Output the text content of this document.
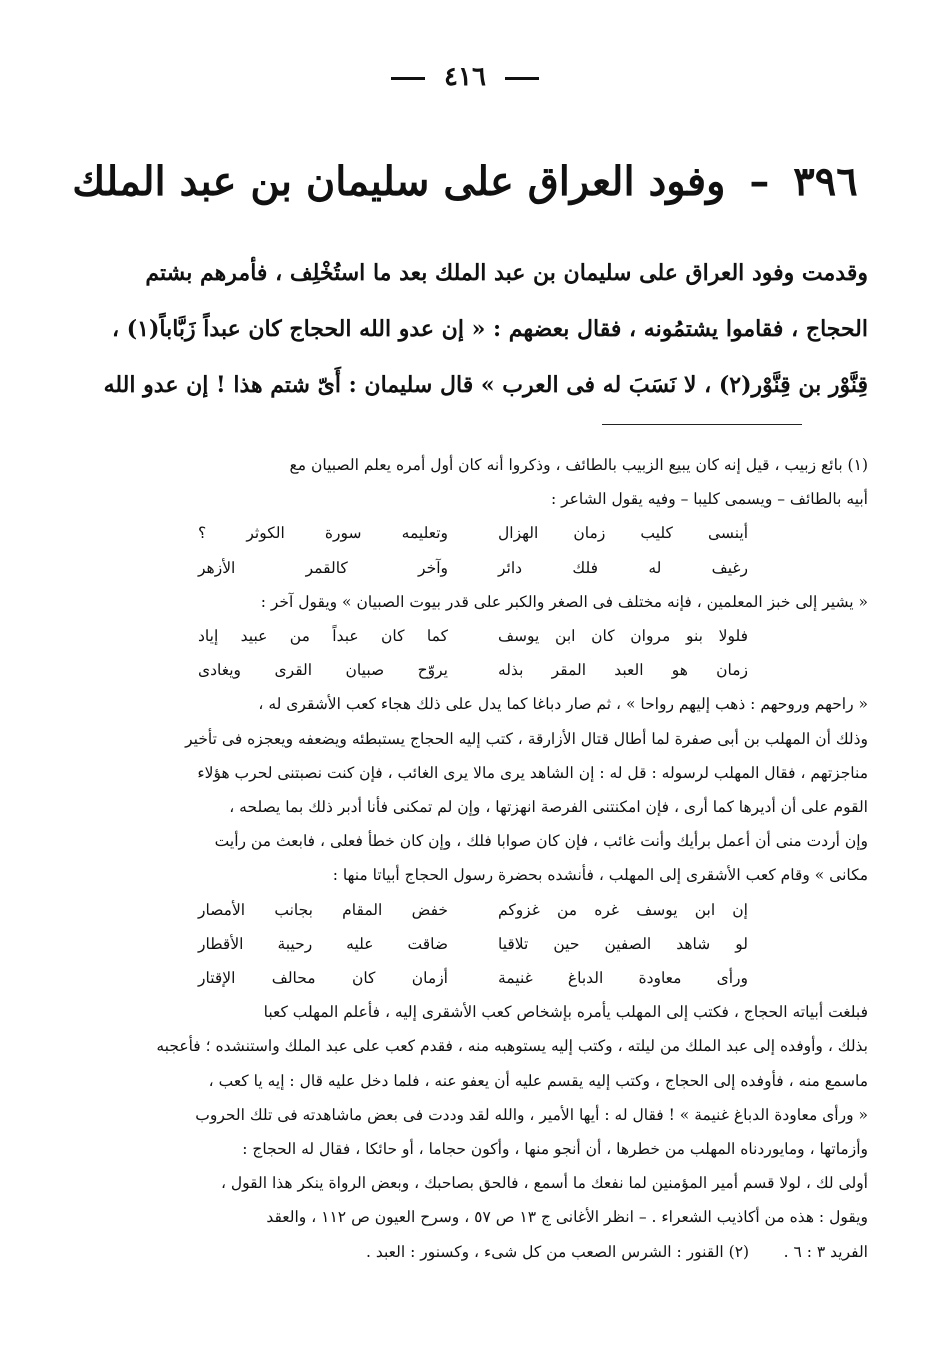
٤١٦
٣٩٦ – وفود العراق على سليمان بن عبد الملك

وقدمت وفود العراق على سليمان بن عبد الملك بعد ما استُخْلِف ، فأمرهم بشتم

الحجاج ، فقاموا يشتمُونه ، فقال بعضهم : « إن عدو الله الحجاج كان عبداً زَبَّاباً(١) ،

قِنَّوْر بن قِنَّوْر(٢) ، لا نَسَبَ له فى العرب » قال سليمان : أَىّ شتم هذا ! إن عدو الله

(١) بائع زبيب ، قيل إنه كان يبيع الزبيب بالطائف ، وذكروا أنه كان أول أمره يعلم الصبيان مع

أبيه بالطائف – ويسمى كليبا – وفيه يقول الشاعر :

أينسى كليب زمان الهزال
وتعليمه سورة الكوثر ؟
رغيف له فلك دائر
وآخر كالقمر الأزهر

« يشير إلى خبز المعلمين ، فإنه مختلف فى الصغر والكبر على قدر بيوت الصبيان » ويقول آخر :

فلولا بنو مروان كان ابن يوسف
كما كان عبداً من عبيد إياد
زمان هو العبد المقر بذله
يروّح صبيان القرى ويغادى

« راحهم وروحهم : ذهب إليهم رواحا » ، ثم صار دباغا كما يدل على ذلك هجاء كعب الأشقرى له ،

وذلك أن المهلب بن أبى صفرة لما أطال قتال الأزارقة ، كتب إليه الحجاج يستبطئه ويضعفه ويعجزه فى تأخير

مناجزتهم ، فقال المهلب لرسوله : قل له : إن الشاهد يرى مالا يرى الغائب ، فإن كنت نصبتنى لحرب هؤلاء

القوم على أن أديرها كما أرى ، فإن امكنتنى الفرصة انهزتها ، وإن لم تمكنى فأنا أدبر ذلك بما يصلحه ،

وإن أردت منى أن أعمل برأيك وأنت غائب ، فإن كان صوابا فلك ، وإن كان خطأ فعلى ، فابعث من رأيت

مكانى » وقام كعب الأشقرى إلى المهلب ، فأنشده بحضرة رسول الحجاج أبياتا منها :

إن ابن يوسف غره من غزوكم
خفض المقام بجانب الأمصار
لو شاهد الصفين حين تلاقيا
ضاقت عليه رحيبة الأقطار
ورأى معاودة الدباغ غنيمة
أزمان كان محالف الإقتار

فبلغت أبياته الحجاج ، فكتب إلى المهلب يأمره بإشخاص كعب الأشقرى إليه ، فأعلم المهلب كعبا

بذلك ، وأوفده إلى عبد الملك من ليلته ، وكتب إليه يستوهبه منه ، فقدم كعب على عبد الملك واستنشده ؛ فأعجبه

ماسمع منه ، فأوفده إلى الحجاج ، وكتب إليه يقسم عليه أن يعفو عنه ، فلما دخل عليه قال : إيه يا كعب ،

« ورأى معاودة الدباغ غنيمة » ! فقال له : أيها الأمير ، والله لقد وددت فى بعض ماشاهدته فى تلك الحروب

وأزماتها ، ومايوردناه المهلب من خطرها ، أن أنجو منها ، وأكون حجاما ، أو حائكا ، فقال له الحجاج :

أولى لك ، لولا قسم أمير المؤمنين لما نفعك ما أسمع ، فالحق بصاحبك ، وبعض الرواة ينكر هذا القول ،

ويقول : هذه من أكاذيب الشعراء . – انظر الأغانى ج ١٣ ص ٥٧ ، وسرح العيون ص ١١٢ ، والعقد

الفريد ٣ : ٦ .       (٢) القنور : الشرس الصعب من كل شىء ، وكسنور : العبد .
